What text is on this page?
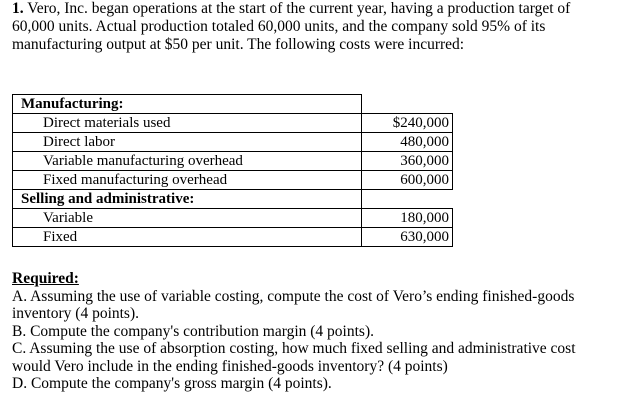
1. Vero, Inc. began operations at the start of the current year, having a production target of 60,000 units. Actual production totaled 60,000 units, and the company sold 95% of its manufacturing output at $50 per unit. The following costs were incurred:
Manufacturing:	
Direct materials used	$240,000
Direct labor	480,000
Variable manufacturing overhead	360,000
Fixed manufacturing overhead	600,000
Selling and administrative:	
Variable	180,000
Fixed	630,000
Required:

A. Assuming the use of variable costing, compute the cost of Vero’s ending finished-goods inventory (4 points).

B. Compute the company's contribution margin (4 points).

C. Assuming the use of absorption costing, how much fixed selling and administrative cost would Vero include in the ending finished-goods inventory? (4 points)

D. Compute the company's gross margin (4 points).
